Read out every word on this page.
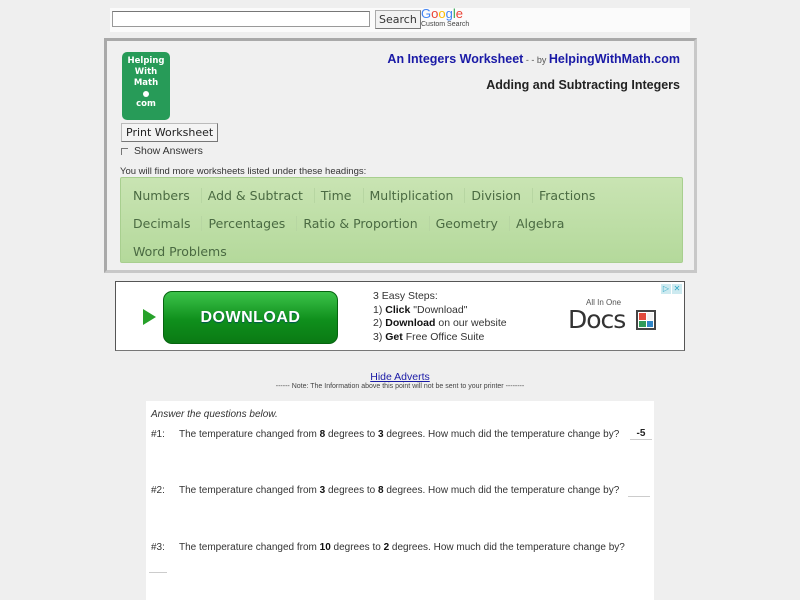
Search Google
Custom Search
Helping
With
Math
com
Print Worksheet
Show Answers
You will find more worksheets listed under these headings:
An Integers Worksheet - - by HelpingWithMath.com
Adding and Subtracting Integers
Numbers	Add & Subtract	Time	Multiplication	Division	Fractions
Decimals	Percentages	Ratio & Proportion	Geometry	Algebra
Word Problems
DOWNLOAD
3 Easy Steps:
1) Click "Download"
2) Download on our website
3) Get Free Office Suite
All In One
Docs
▷ ✕
Hide Adverts
------ Note: The Information above this point will not be sent to your printer --------
Answer the questions below.
#1: The temperature changed from 8 degrees to 3 degrees. How much did the temperature change by?	-5
#2: The temperature changed from 3 degrees to 8 degrees. How much did the temperature change by?
#3: The temperature changed from 10 degrees to 2 degrees. How much did the temperature change by?
